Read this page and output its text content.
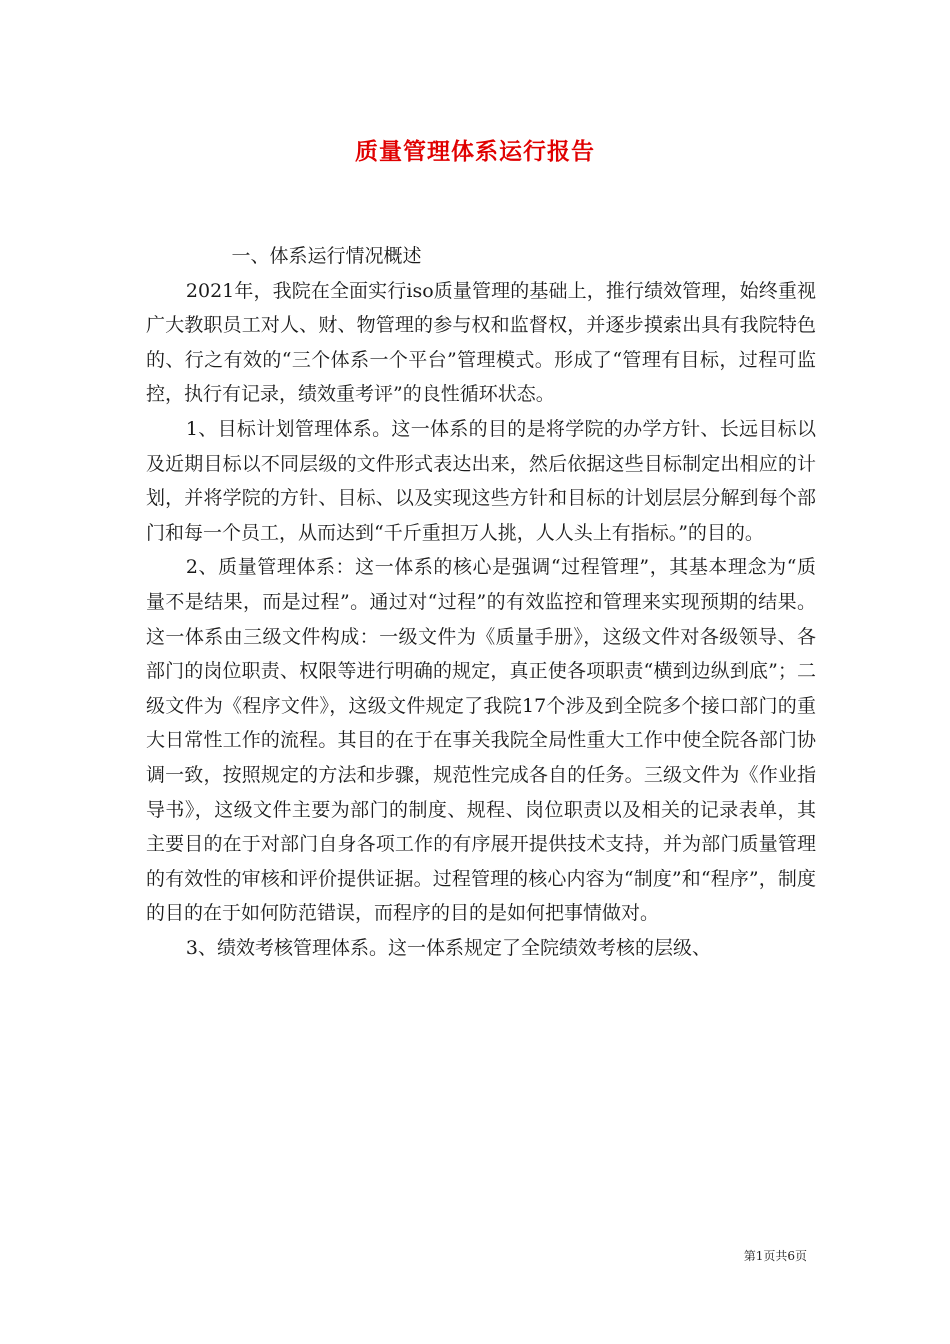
质量管理体系运行报告

一、体系运行情况概述

2021年，我院在全面实行iso质量管理的基础上，推行绩效管理，始终重视广大教职员工对人、财、物管理的参与权和监督权，并逐步摸索出具有我院特色的、行之有效的“三个体系一个平台”管理模式。形成了“管理有目标，过程可监控，执行有记录，绩效重考评”的良性循环状态。

1、目标计划管理体系。这一体系的目的是将学院的办学方针、长远目标以及近期目标以不同层级的文件形式表达出来，然后依据这些目标制定出相应的计划，并将学院的方针、目标、以及实现这些方针和目标的计划层层分解到每个部门和每一个员工，从而达到“千斤重担万人挑，人人头上有指标。”的目的。

2、质量管理体系：这一体系的核心是强调“过程管理”，其基本理念为“质量不是结果，而是过程”。通过对“过程”的有效监控和管理来实现预期的结果。这一体系由三级文件构成：一级文件为《质量手册》，这级文件对各级领导、各部门的岗位职责、权限等进行明确的规定，真正使各项职责“横到边纵到底”；二级文件为《程序文件》，这级文件规定了我院17个涉及到全院多个接口部门的重大日常性工作的流程。其目的在于在事关我院全局性重大工作中使全院各部门协调一致，按照规定的方法和步骤，规范性完成各自的任务。三级文件为《作业指导书》，这级文件主要为部门的制度、规程、岗位职责以及相关的记录表单，其主要目的在于对部门自身各项工作的有序展开提供技术支持，并为部门质量管理的有效性的审核和评价提供证据。过程管理的核心内容为“制度”和“程序”，制度的目的在于如何防范错误，而程序的目的是如何把事情做对。

3、绩效考核管理体系。这一体系规定了全院绩效考核的层级、

第1页共6页
